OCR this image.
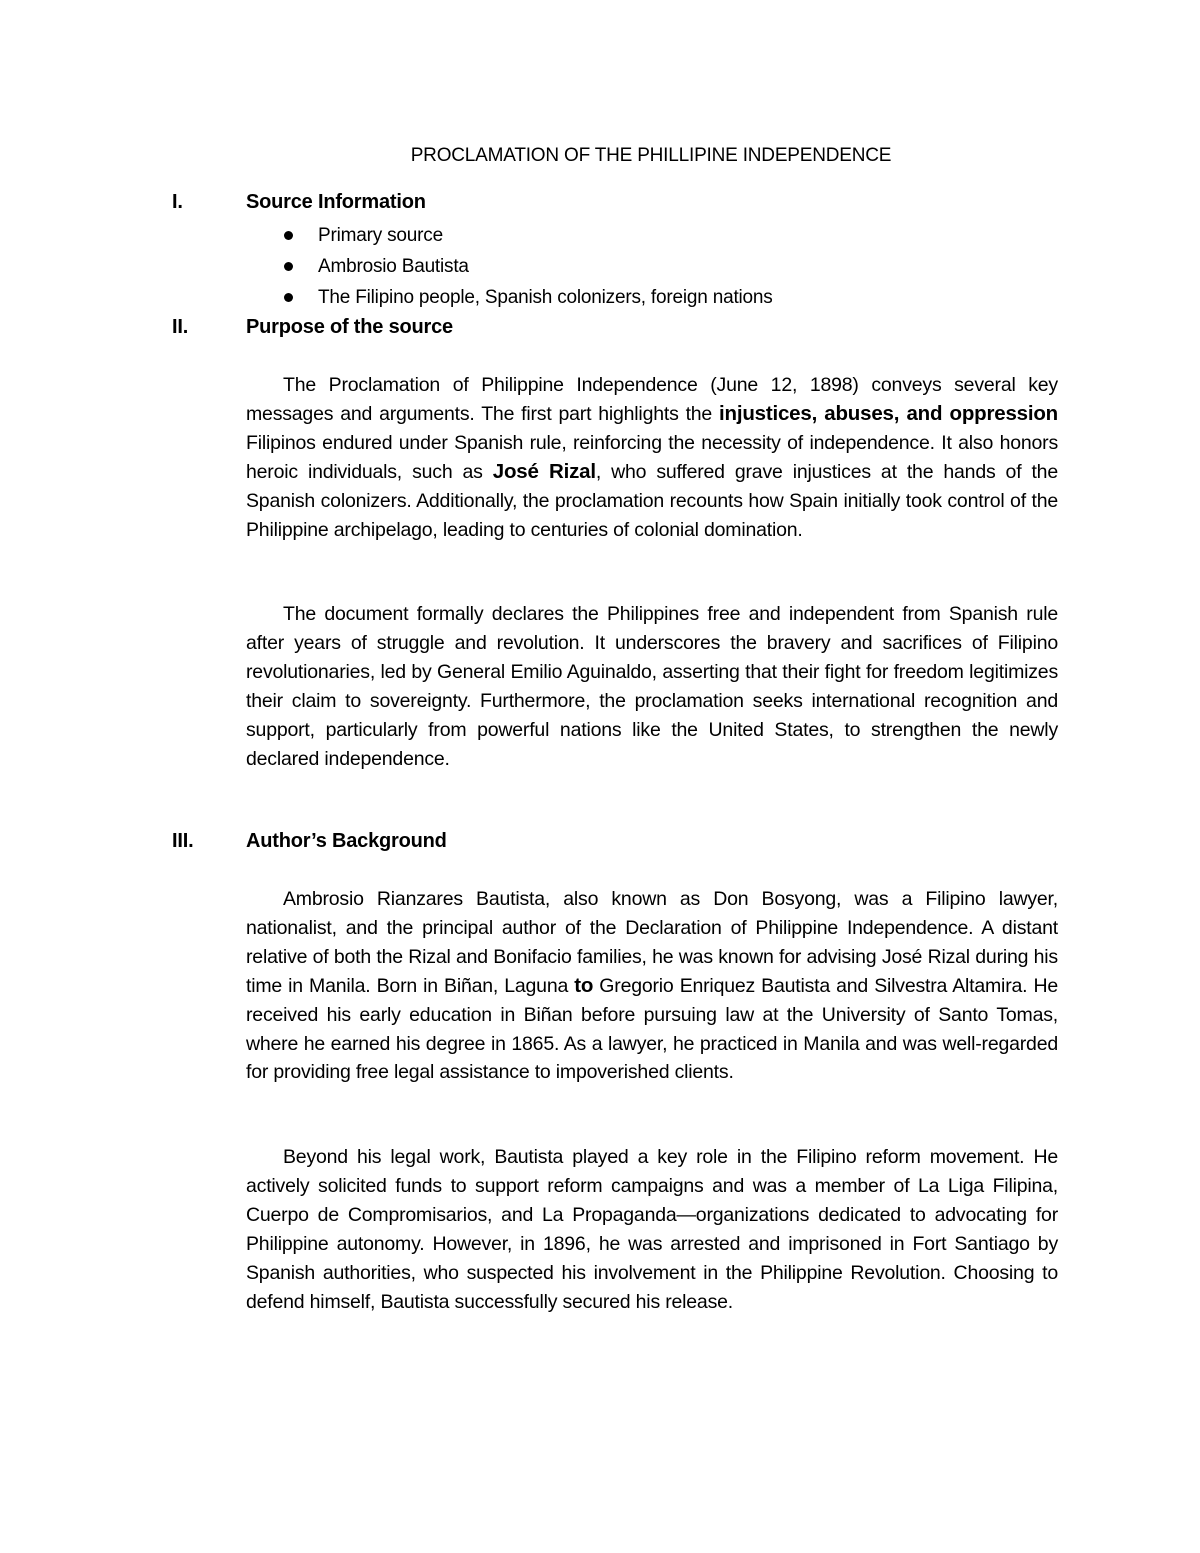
PROCLAMATION OF THE PHILLIPINE INDEPENDENCE
I.	Source Information
Primary source
Ambrosio Bautista
The Filipino people, Spanish colonizers, foreign nations
II.	Purpose of the source

The Proclamation of Philippine Independence (June 12, 1898) conveys several key messages and arguments. The first part highlights the injustices, abuses, and oppression Filipinos endured under Spanish rule, reinforcing the necessity of independence. It also honors heroic individuals, such as José Rizal, who suffered grave injustices at the hands of the Spanish colonizers. Additionally, the proclamation recounts how Spain initially took control of the Philippine archipelago, leading to centuries of colonial domination.

The document formally declares the Philippines free and independent from Spanish rule after years of struggle and revolution. It underscores the bravery and sacrifices of Filipino revolutionaries, led by General Emilio Aguinaldo, asserting that their fight for freedom legitimizes their claim to sovereignty. Furthermore, the proclamation seeks international recognition and support, particularly from powerful nations like the United States, to strengthen the newly declared independence.

III.	Author’s Background

Ambrosio Rianzares Bautista, also known as Don Bosyong, was a Filipino lawyer, nationalist, and the principal author of the Declaration of Philippine Independence. A distant relative of both the Rizal and Bonifacio families, he was known for advising José Rizal during his time in Manila. Born in Biñan, Laguna to Gregorio Enriquez Bautista and Silvestra Altamira. He received his early education in Biñan before pursuing law at the University of Santo Tomas, where he earned his degree in 1865. As a lawyer, he practiced in Manila and was well-regarded for providing free legal assistance to impoverished clients.

Beyond his legal work, Bautista played a key role in the Filipino reform movement. He actively solicited funds to support reform campaigns and was a member of La Liga Filipina, Cuerpo de Compromisarios, and La Propaganda—organizations dedicated to advocating for Philippine autonomy. However, in 1896, he was arrested and imprisoned in Fort Santiago by Spanish authorities, who suspected his involvement in the Philippine Revolution. Choosing to defend himself, Bautista successfully secured his release.
